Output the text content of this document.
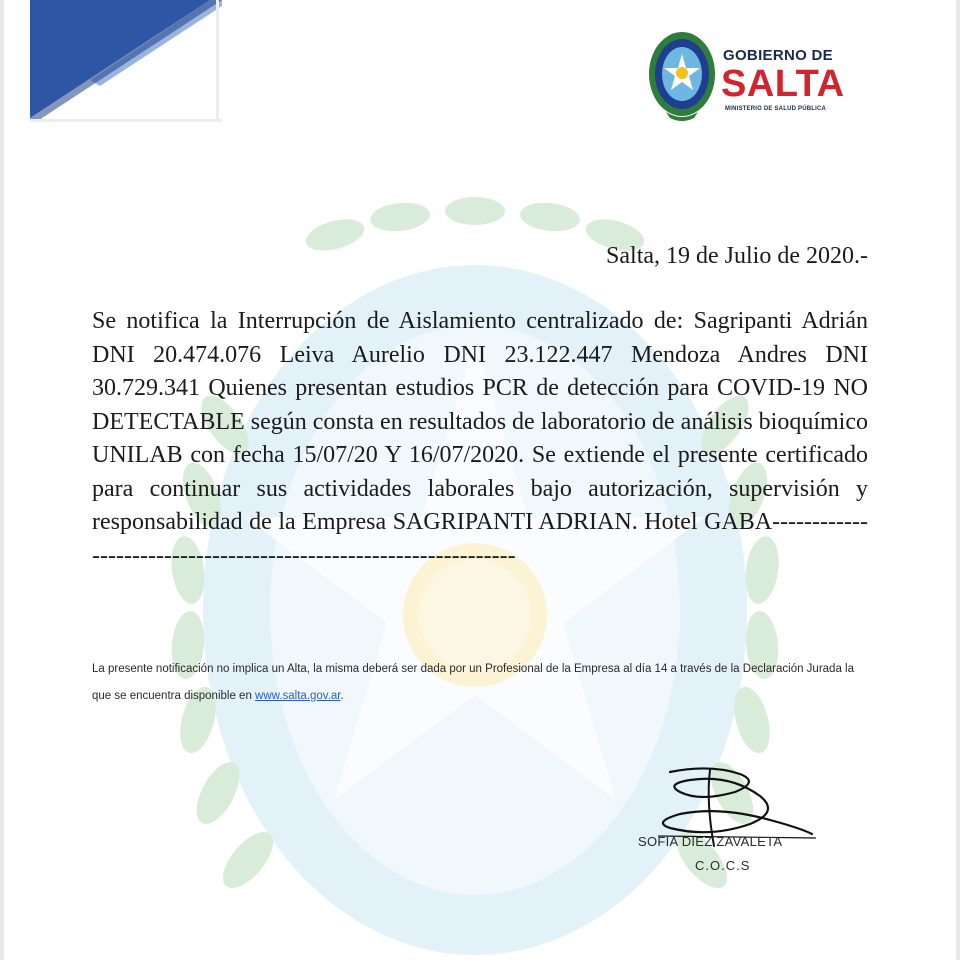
GOBIERNO DE
SALTA
MINISTERIO DE SALUD PÚBLICA
Salta, 19 de Julio de 2020.-

Se notifica la Interrupción de Aislamiento centralizado de: Sagripanti Adrián DNI 20.474.076 Leiva Aurelio DNI 23.122.447 Mendoza Andres DNI 30.729.341 Quienes presentan estudios PCR de detección para COVID-19 NO DETECTABLE según consta en resultados de laboratorio de análisis bioquímico UNILAB con fecha 15/07/20 Y 16/07/2020. Se extiende el presente certificado para continuar sus actividades laborales bajo autorización, supervisión y responsabilidad de la Empresa SAGRIPANTI ADRIAN. Hotel GABA-----------------------------------------------------------------

La presente notificación no implica un Alta, la misma deberá ser dada por un Profesional de la Empresa al día 14 a través de la Declaración Jurada la que se encuentra disponible en www.salta.gov.ar.

SOFIA DIEZ ZAVALETA
C.O.C.S
